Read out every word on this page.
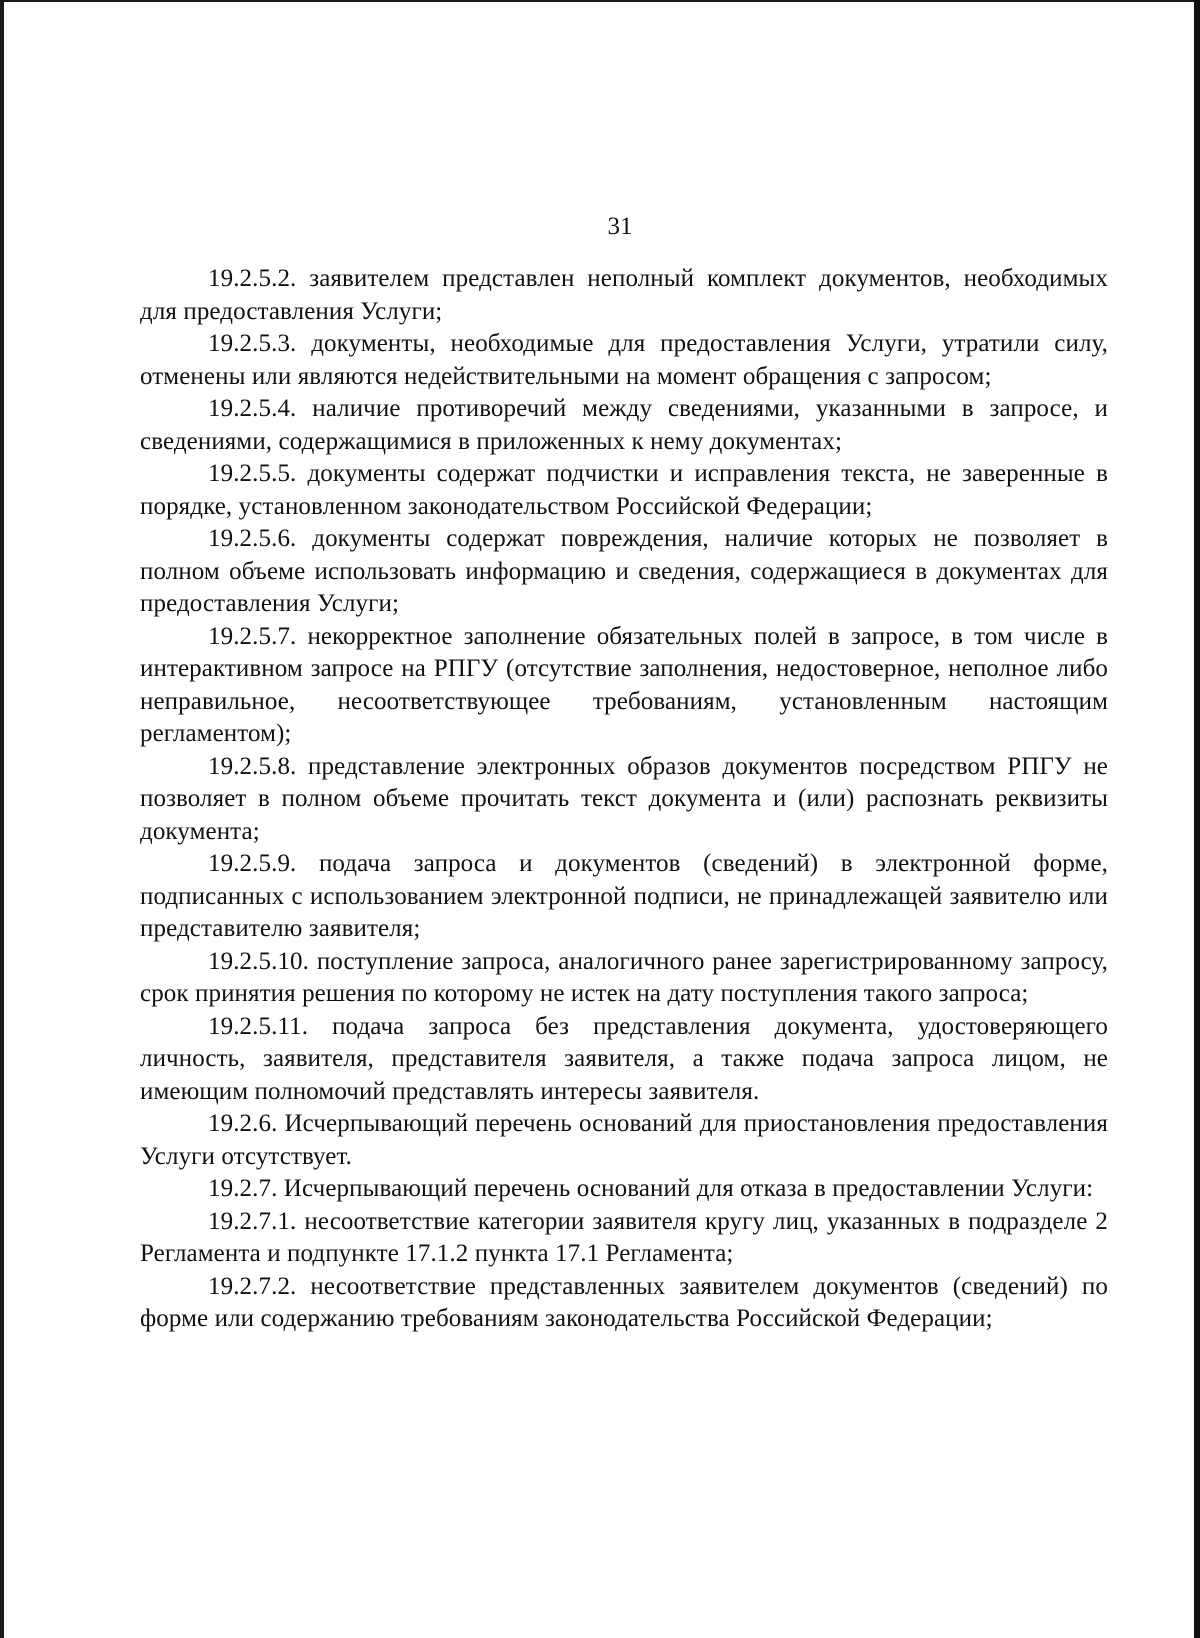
31

19.2.5.2. заявителем представлен неполный комплект документов, необходимых для предоставления Услуги;

19.2.5.3. документы, необходимые для предоставления Услуги, утратили силу, отменены или являются недействительными на момент обращения с запросом;

19.2.5.4. наличие противоречий между сведениями, указанными в запросе, и сведениями, содержащимися в приложенных к нему документах;

19.2.5.5. документы содержат подчистки и исправления текста, не заверенные в порядке, установленном законодательством Российской Федерации;

19.2.5.6. документы содержат повреждения, наличие которых не позволяет в полном объеме использовать информацию и сведения, содержащиеся в документах для предоставления Услуги;

19.2.5.7. некорректное заполнение обязательных полей в запросе, в том числе в интерактивном запросе на РПГУ (отсутствие заполнения, недостоверное, неполное либо неправильное, несоответствующее требованиям, установленным настоящим регламентом);

19.2.5.8. представление электронных образов документов посредством РПГУ не позволяет в полном объеме прочитать текст документа и (или) распознать реквизиты документа;

19.2.5.9. подача запроса и документов (сведений) в электронной форме, подписанных с использованием электронной подписи, не принадлежащей заявителю или представителю заявителя;

19.2.5.10. поступление запроса, аналогичного ранее зарегистрированному запросу, срок принятия решения по которому не истек на дату поступления такого запроса;

19.2.5.11. подача запроса без представления документа, удостоверяющего личность, заявителя, представителя заявителя, а также подача запроса лицом, не имеющим полномочий представлять интересы заявителя.

19.2.6. Исчерпывающий перечень оснований для приостановления предоставления Услуги отсутствует.

19.2.7. Исчерпывающий перечень оснований для отказа в предоставлении Услуги:

19.2.7.1. несоответствие категории заявителя кругу лиц, указанных в подразделе 2 Регламента и подпункте 17.1.2 пункта 17.1 Регламента;

19.2.7.2. несоответствие представленных заявителем документов (сведений) по форме или содержанию требованиям законодательства Российской Федерации;
